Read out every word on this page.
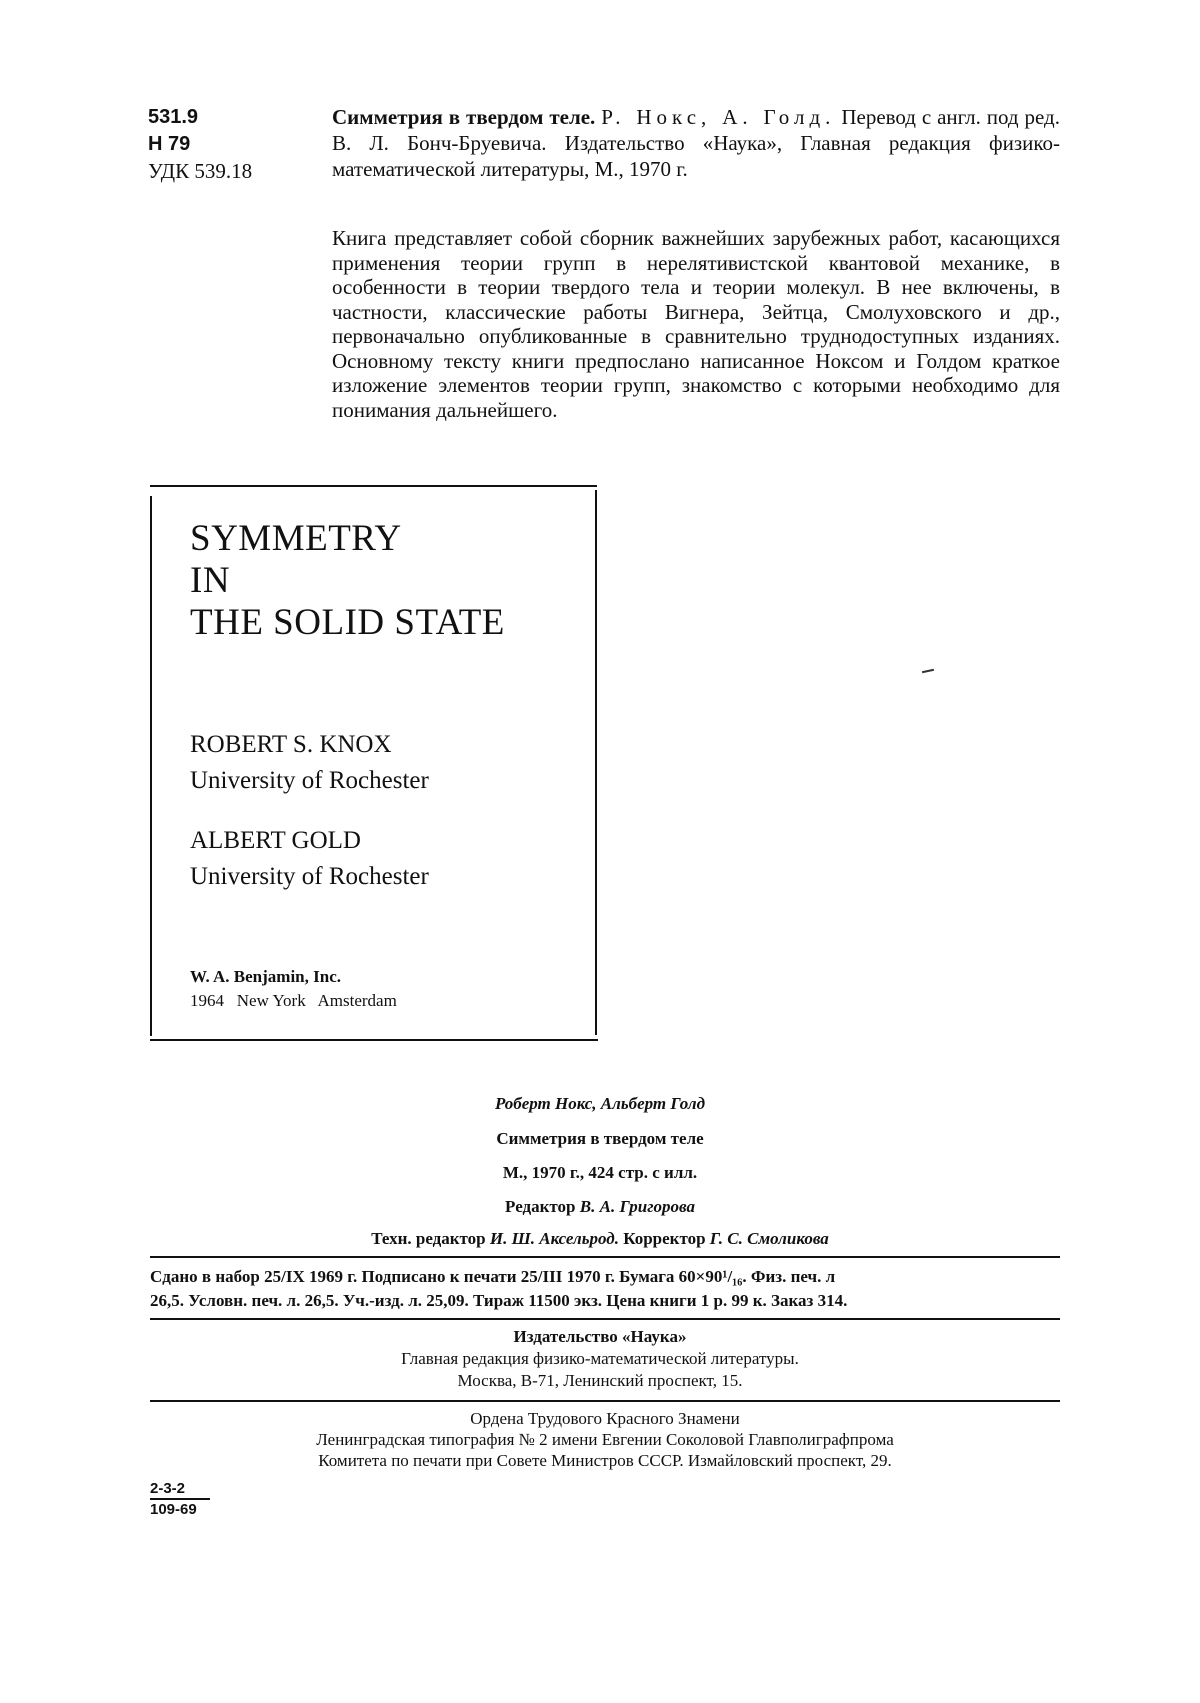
531.9
Н 79
УДК 539.18
Симметрия в твердом теле. Р. Нокс, А. Голд. Перевод с англ. под ред. В. Л. Бонч-Бруевича. Издательство «Наука», Главная редакция физико-математической литературы, М., 1970 г.
Книга представляет собой сборник важнейших зарубежных работ, касающихся применения теории групп в нерелятивистской квантовой механике, в особенности в теории твердого тела и теории молекул. В нее включены, в частности, классические работы Вигнера, Зейтца, Смолуховского и др., первоначально опубликованные в сравнительно труднодоступных изданиях. Основному тексту книги предпослано написанное Ноксом и Голдом краткое изложение элементов теории групп, знакомство с которыми необходимо для понимания дальнейшего.
SYMMETRY
IN
THE SOLID STATE
ROBERT S. KNOX
University of Rochester
ALBERT GOLD
University of Rochester
W. A. Benjamin, Inc.
1964   New York   Amsterdam
Роберт Нокс, Альберт Голд
Симметрия в твердом теле
М., 1970 г., 424 стр. с илл.
Редактор В. А. Григорова
Техн. редактор И. Ш. Аксельрод. Корректор Г. С. Смоликова
Сдано в набор 25/IX 1969 г. Подписано к печати 25/III 1970 г. Бумага 60×90¹/₁₆. Физ. печ. л
26,5. Условн. печ. л. 26,5. Уч.-изд. л. 25,09. Тираж 11500 экз. Цена книги 1 р. 99 к. Заказ 314.
Издательство «Наука»
Главная редакция физико-математической литературы.
Москва, В-71, Ленинский проспект, 15.
Ордена Трудового Красного Знамени
Ленинградская типография № 2 имени Евгении Соколовой Главполиграфпрома
Комитета по печати при Совете Министров СССР. Измайловский проспект, 29.
2-3-2
109-69
